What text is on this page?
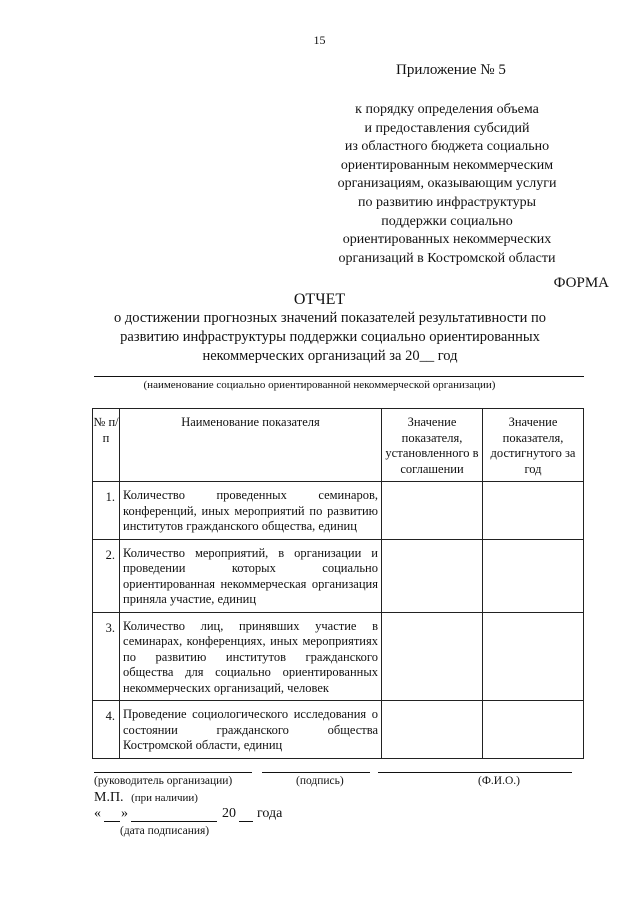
15
Приложение № 5
к порядку определения объема
и предоставления субсидий
из областного бюджета социально
ориентированным некоммерческим
организациям, оказывающим услуги
по развитию инфраструктуры
поддержки социально
ориентированных некоммерческих
организаций в Костромской области
ФОРМА
ОТЧЕТ
о достижении прогнозных значений показателей результативности по
развитию инфраструктуры поддержки социально ориентированных
некоммерческих организаций за 20__ год
(наименование социально ориентированной некоммерческой организации)
№ п/п	Наименование показателя	Значение показателя, установленного в соглашении	Значение показателя, достигнутого за год
1.	Количество проведенных семинаров, конференций, иных мероприятий по развитию институтов гражданского общества, единиц		
2.	Количество мероприятий, в организации и проведении которых социально ориентированная некоммерческая организация приняла участие, единиц		
3.	Количество лиц, принявших участие в семинарах, конференциях, иных мероприятиях по развитию институтов гражданского общества для социально ориентированных некоммерческих организаций, человек		
4.	Проведение социологического исследования о состоянии гражданского общества Костромской области, единиц		
(руководитель организации)	(подпись)	(Ф.И.О.)
М.П. (при наличии)
« »	20 года
(дата подписания)
